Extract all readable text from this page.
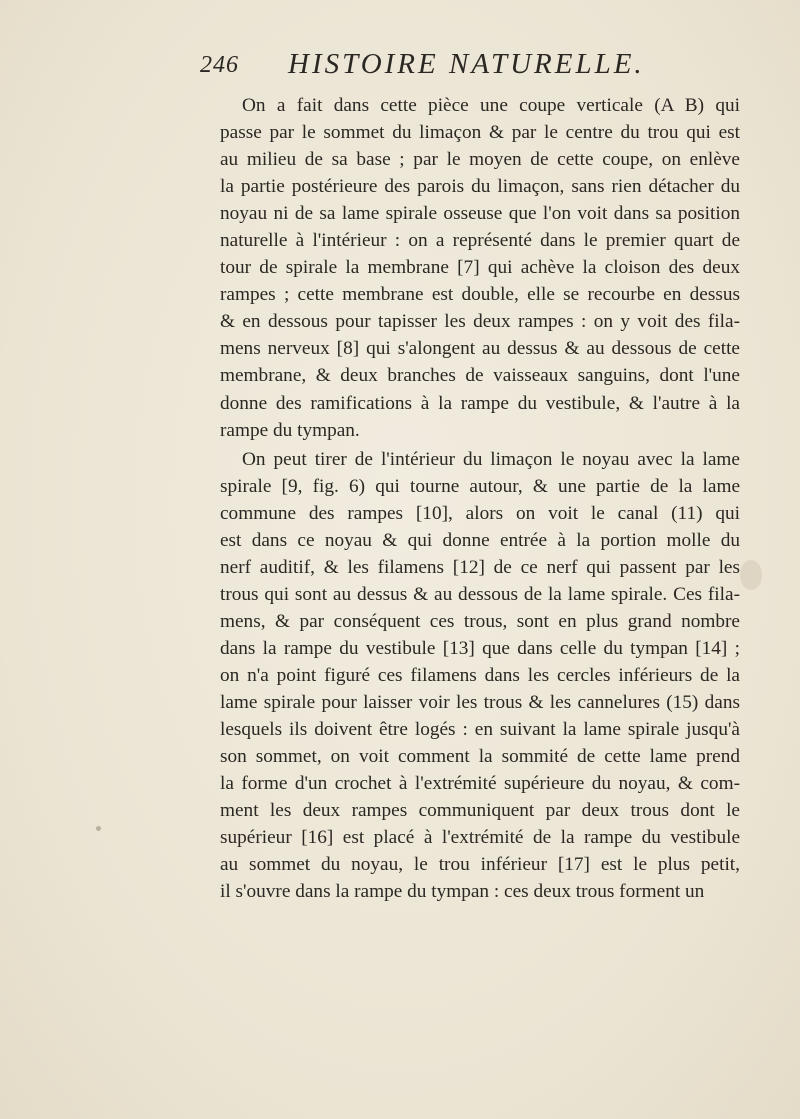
246 HISTOIRE NATURELLE.
On a fait dans cette pièce une coupe verticale (A B) qui
passe par le sommet du limaçon & par le centre du trou qui est
au milieu de sa base ; par le moyen de cette coupe, on enlève
la partie postérieure des parois du limaçon, sans rien détacher du
noyau ni de sa lame spirale osseuse que l'on voit dans sa position
naturelle à l'intérieur : on a représenté dans le premier quart de
tour de spirale la membrane [7] qui achève la cloison des deux
rampes ; cette membrane est double, elle se recourbe en dessus
& en dessous pour tapisser les deux rampes : on y voit des fila-
mens nerveux [8] qui s'alongent au dessus & au dessous de cette
membrane, & deux branches de vaisseaux sanguins, dont l'une
donne des ramifications à la rampe du vestibule, & l'autre à la
rampe du tympan.
On peut tirer de l'intérieur du limaçon le noyau avec la lame
spirale [9, fig. 6) qui tourne autour, & une partie de la lame
commune des rampes [10], alors on voit le canal (11) qui
est dans ce noyau & qui donne entrée à la portion molle du
nerf auditif, & les filamens [12] de ce nerf qui passent par les
trous qui sont au dessus & au dessous de la lame spirale. Ces fila-
mens, & par conséquent ces trous, sont en plus grand nombre
dans la rampe du vestibule [13] que dans celle du tympan [14] ;
on n'a point figuré ces filamens dans les cercles inférieurs de la
lame spirale pour laisser voir les trous & les cannelures (15) dans
lesquels ils doivent être logés : en suivant la lame spirale jusqu'à
son sommet, on voit comment la sommité de cette lame prend
la forme d'un crochet à l'extrémité supérieure du noyau, & com-
ment les deux rampes communiquent par deux trous dont le
supérieur [16] est placé à l'extrémité de la rampe du vestibule
au sommet du noyau, le trou inférieur [17] est le plus petit,
il s'ouvre dans la rampe du tympan : ces deux trous forment un
